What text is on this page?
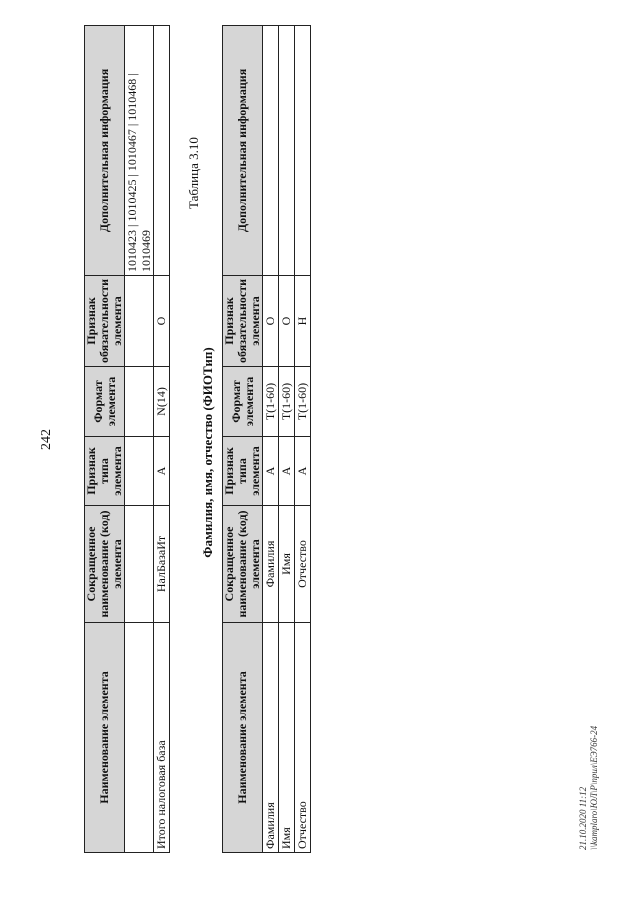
242
Наименование элемента	Сокращенное наименование (код) элемента	Признак типа элемента	Формат элемента	Признак обязательности элемента	Дополнительная информация
					1010423 | 1010425 | 1010467 | 1010468 | 1010469
Итого налоговая база	НалБазаИт	А	N(14)	О	
Таблица 3.10
Фамилия, имя, отчество (ФИОТип)
Наименование элемента	Сокращенное наименование (код) элемента	Признак типа элемента	Формат элемента	Признак обязательности элемента	Дополнительная информация
Фамилия	Фамилия	А	T(1-60)	О	
Имя	Имя	А	T(1-60)	О	
Отчество	Отчество	А	T(1-60)	Н	
21.10.2020 11:12 \\kamplaro\ЮЛ\Р\прил\ЕЭ766-24
